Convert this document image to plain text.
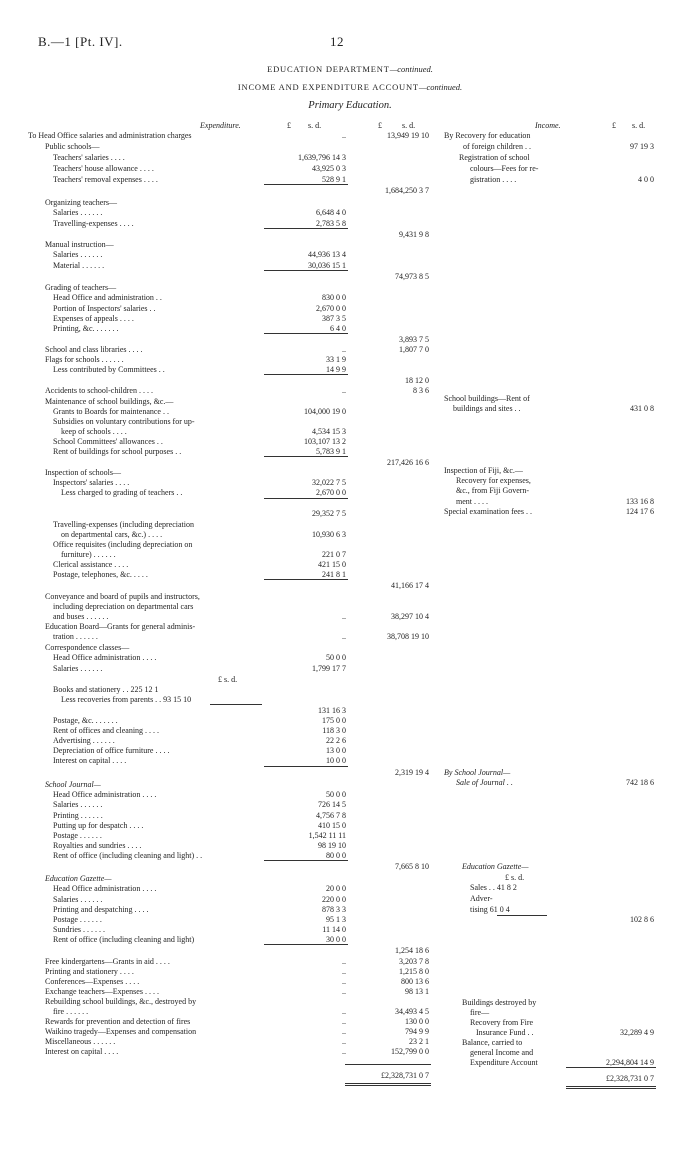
B.—1 [Pt. IV].	12
EDUCATION DEPARTMENT—continued.
INCOME AND EXPENDITURE ACCOUNT—continued.
Primary Education.
Expenditure.	£ s. d.	£	s. d.	Income.	£ s. d.
To Head Office salaries and administration charges	..	13,949 19 10
Public schools—
Teachers' salaries . . . .	1,639,796 14 3
Teachers' house allowance . . . .	43,925 0 3
Teachers' removal expenses . . . .	528 9 1
1,684,250 3 7
Organizing teachers—
Salaries . . . . . .	6,648 4 0
Travelling-expenses . . . .	2,783 5 8
9,431 9 8
Manual instruction—
Salaries . . . . . .	44,936 13 4
Material . . . . . .	30,036 15 1
74,973 8 5
Grading of teachers—
Head Office and administration . .	830 0 0
Portion of Inspectors' salaries . .	2,670 0 0
Expenses of appeals . . . .	387 3 5
Printing, &c. . . . . . .	6 4 0
3,893 7 5
School and class libraries . . . .	..	1,807 7 0
Flags for schools . . . . . .	33 1 9
Less contributed by Committees . .	14 9 9
18 12 0
Accidents to school-children . . . .	..	8 3 6
Maintenance of school buildings, &c.—
Grants to Boards for maintenance . .	104,000 19 0
Subsidies on voluntary contributions for up-
keep of schools . . . .	4,534 15 3
School Committees' allowances . .	103,107 13 2
Rent of buildings for school purposes . .	5,783 9 1
217,426 16 6
Inspection of schools—
Inspectors' salaries . . . .	32,022 7 5
Less charged to grading of teachers . .	2,670 0 0
29,352 7 5
Travelling-expenses (including depreciation
on departmental cars, &c.) . . . .	10,930 6 3
Office requisites (including depreciation on
furniture) . . . . . .	221 0 7
Clerical assistance . . . .	421 15 0
Postage, telephones, &c. . . . .	241 8 1
41,166 17 4
Conveyance and board of pupils and instructors,
including depreciation on departmental cars
and buses . . . . . .	..	38,297 10 4
Education Board—Grants for general adminis-
tration . . . . . .	..	38,708 19 10
Correspondence classes—
Head Office administration . . . .	50 0 0
Salaries . . . . . .	1,799 17 7
£ s. d.
Books and stationery . . 225 12 1
Less recoveries from parents . . 93 15 10
131 16 3
Postage, &c. . . . . . .	175 0 0
Rent of offices and cleaning . . . .	118 3 0
Advertising . . . . . .	22 2 6
Depreciation of office furniture . . . .	13 0 0
Interest on capital . . . .	10 0 0
2,319 19 4
School Journal—
Head Office administration . . . .	50 0 0
Salaries . . . . . .	726 14 5
Printing . . . . . .	4,756 7 8
Putting up for despatch . . . .	410 15 0
Postage . . . . . .	1,542 11 11
Royalties and sundries . . . .	98 19 10
Rent of office (including cleaning and light) . .	80 0 0
7,665 8 10
Education Gazette—
Head Office administration . . . .	20 0 0
Salaries . . . . . .	220 0 0
Printing and despatching . . . .	878 3 3
Postage . . . . . .	95 1 3
Sundries . . . . . .	11 14 0
Rent of office (including cleaning and light)	30 0 0
1,254 18 6
Free kindergartens—Grants in aid . . . .	..	3,203 7 8
Printing and stationery . . . .	..	1,215 8 0
Conferences—Expenses . . . .	..	800 13 6
Exchange teachers—Expenses . . . .	..	98 13 1
Rebuilding school buildings, &c., destroyed by
fire . . . . . .	..	34,493 4 5
Rewards for prevention and detection of fires	..	130 0 0
Waikino tragedy—Expenses and compensation	..	794 9 9
Miscellaneous . . . . . .	..	23 2 1
Interest on capital . . . .	..	152,799 0 0
£2,328,731 0 7
By Recovery for education
of foreign children . .	97 19 3
Registration of school
colours—Fees for re-
gistration . . . .	4 0 0
School buildings—Rent of
buildings and sites . .	431 0 8
Inspection of Fiji, &c.—
Recovery for expenses,
&c., from Fiji Govern-
ment . . . .	133 16 8
Special examination fees . .	124 17 6
By School Journal—
Sale of Journal . .	742 18 6
Education Gazette—
£ s. d.
Sales . . 41 8 2
Adver-
tising 61 0 4
102 8 6
Buildings destroyed by
fire—
Recovery from Fire
Insurance Fund . .	32,289 4 9
Balance, carried to
general Income and
Expenditure Account	2,294,804 14 9
£2,328,731 0 7
